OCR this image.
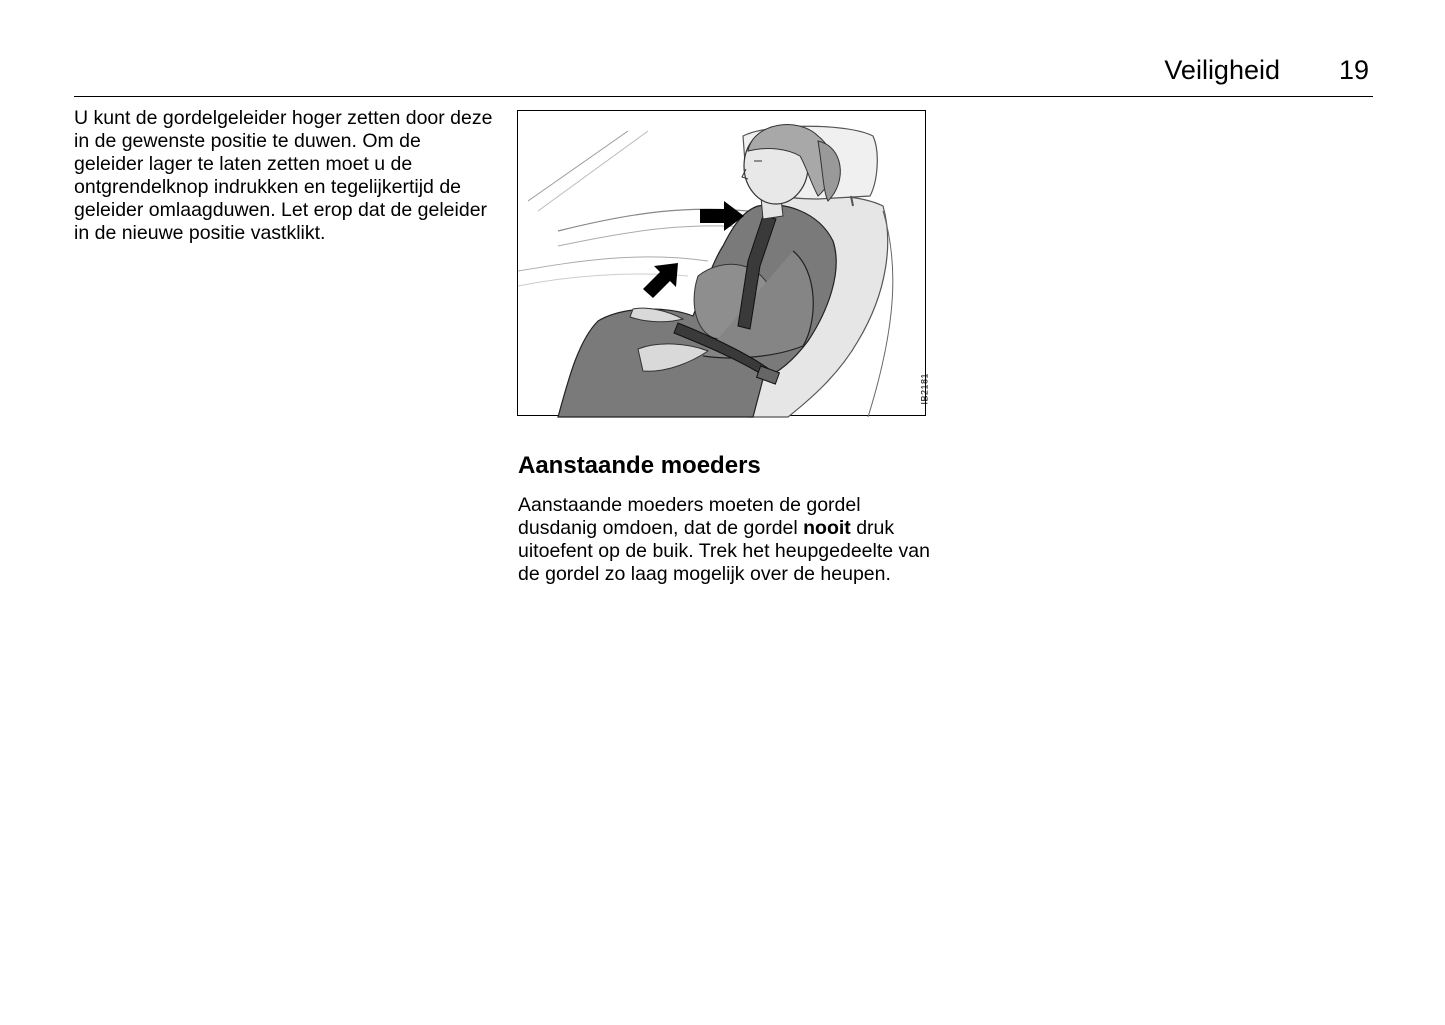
Veiligheid 19

U kunt de gordelgeleider hoger zetten door deze in de gewenste positie te duwen. Om de geleider lager te laten zetten moet u de ontgrendelknop indrukken en tegelijkertijd de geleider omlaagduwen. Let erop dat de geleider in de nieuwe positie vastklikt.

IB2181
Aanstaande moeders

Aanstaande moeders moeten de gordel dusdanig omdoen, dat de gordel nooit druk uitoefent op de buik. Trek het heupgedeelte van de gordel zo laag mogelijk over de heupen.
